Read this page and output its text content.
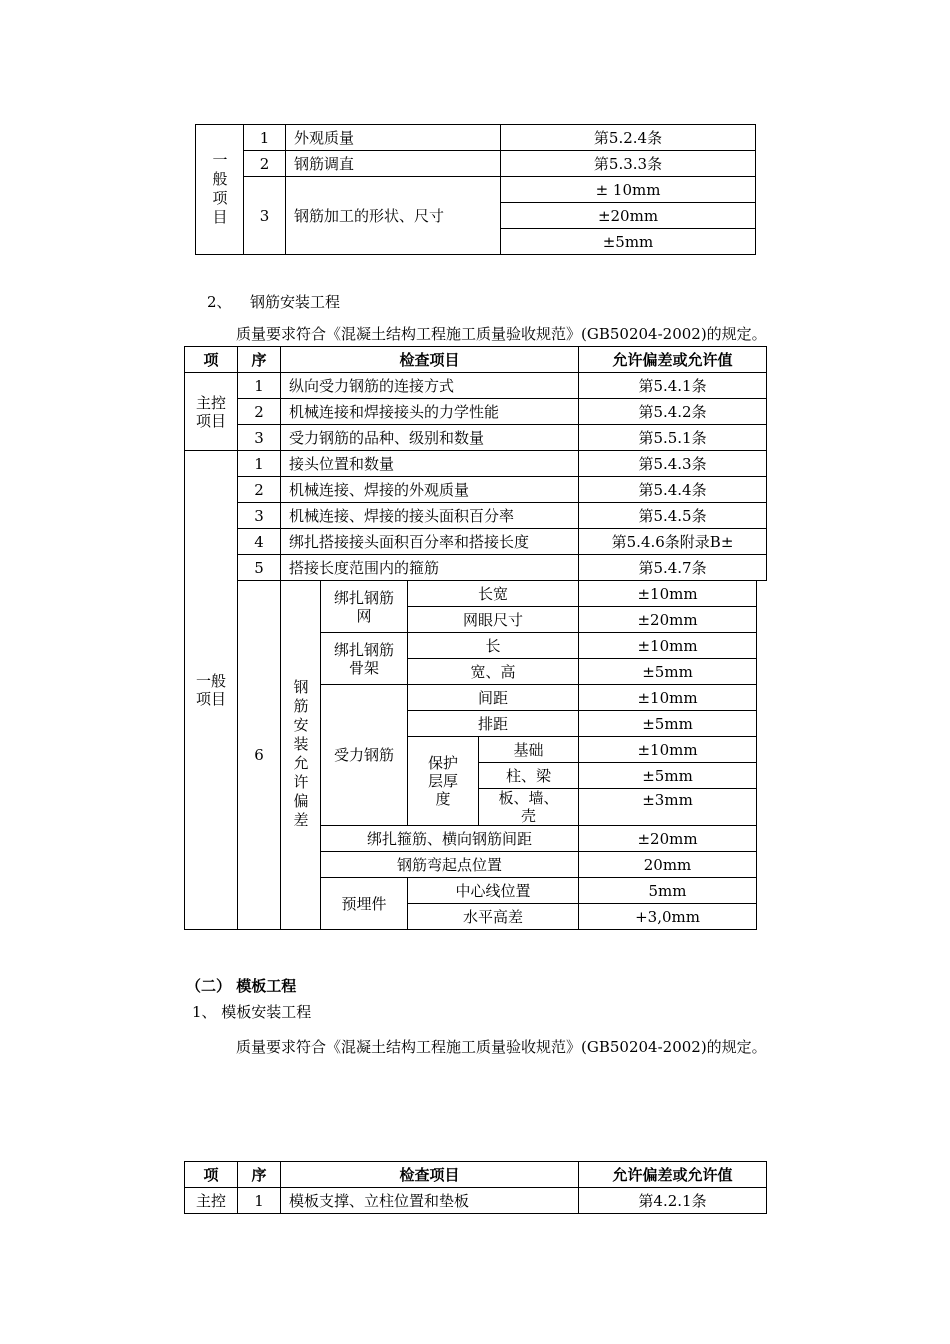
一般项目	1	外观质量	第5.2.4条
	2	钢筋调直	第5.3.3条
	3	钢筋加工的形状、尺寸	± 10mm
			±20mm
			±5mm
2、 钢筋安装工程
质量要求符合《混凝土结构工程施工质量验收规范》(GB50204-2002)的规定。
项	序	检查项目				允许偏差或允许值	
主控项目	1	纵向受力钢筋的连接方式				第5.4.1条	
	2	机械连接和焊接接头的力学性能				第5.4.2条	
	3	受力钢筋的品种、级别和数量				第5.5.1条	
一般项目	1	接头位置和数量				第5.4.3条	
	2	机械连接、焊接的外观质量				第5.4.4条	
	3	机械连接、焊接的接头面积百分率				第5.4.5条	
	4	绑扎搭接接头面积百分率和搭接长度				第5.4.6条附录B±	
	5	搭接长度范围内的箍筋				第5.4.7条	
	6	钢筋安装允许偏差	绑扎钢筋网	长宽		±10mm	
				网眼尺寸		±20mm	
			绑扎钢筋骨架	长		±10mm	
				宽、高		±5mm	
			受力钢筋	间距		±10mm	
				排距		±5mm	
				保护层厚度	基础	±10mm	
					柱、梁	±5mm	
					板、墙、壳	±3mm	

			绑扎箍筋、横向钢筋间距			±20mm	
			钢筋弯起点位置			20mm	
			预埋件	中心线位置		5mm	
				水平高差		+3,0mm	
（二） 模板工程
1、 模板安装工程
质量要求符合《混凝土结构工程施工质量验收规范》(GB50204-2002)的规定。
项	序	检查项目	允许偏差或允许值
主控	1	模板支撑、立柱位置和垫板	第4.2.1条
